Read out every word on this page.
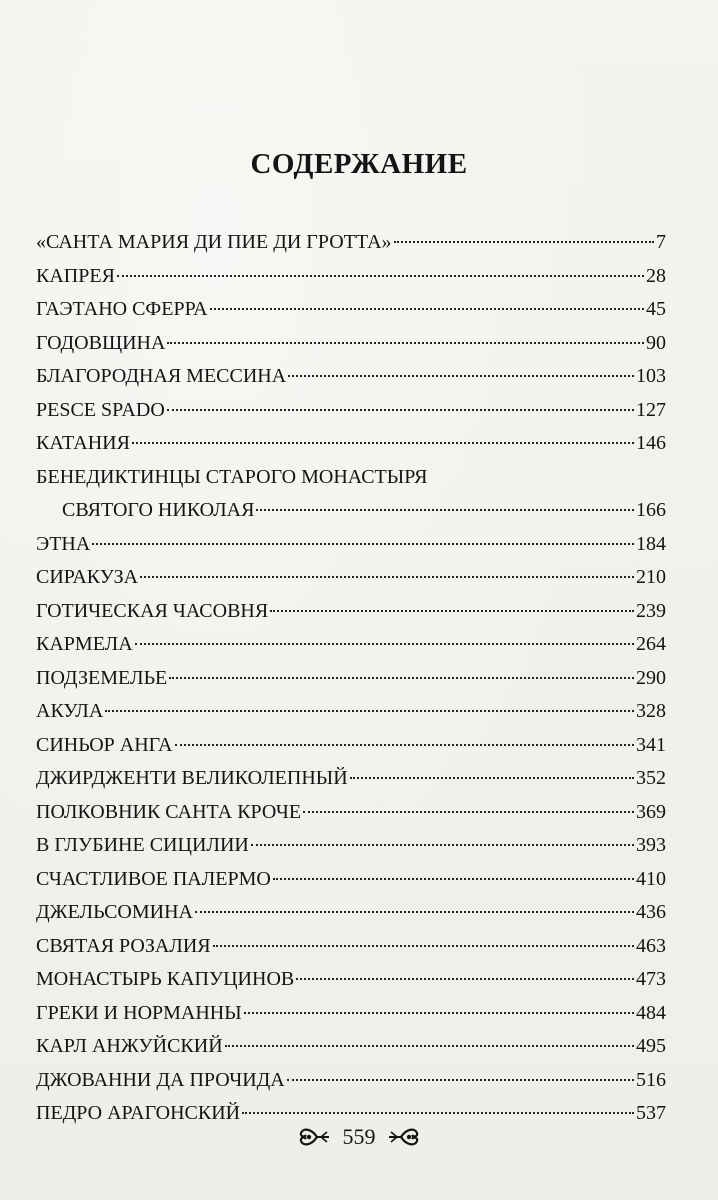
СОДЕРЖАНИЕ
«САНТА МАРИЯ ДИ ПИЕ ДИ ГРОТТА»	7
КАПРЕЯ	28
ГАЭТАНО СФЕРРА	45
ГОДОВЩИНА	90
БЛАГОРОДНАЯ МЕССИНА	103
PESCE SPADO	127
КАТАНИЯ	146
БЕНЕДИКТИНЦЫ СТАРОГО МОНАСТЫРЯ
СВЯТОГО НИКОЛАЯ	166
ЭТНА	184
СИРАКУЗА	210
ГОТИЧЕСКАЯ ЧАСОВНЯ	239
КАРМЕЛА	264
ПОДЗЕМЕЛЬЕ	290
АКУЛА	328
СИНЬОР АНГА	341
ДЖИРДЖЕНТИ ВЕЛИКОЛЕПНЫЙ	352
ПОЛКОВНИК САНТА КРОЧЕ	369
В ГЛУБИНЕ СИЦИЛИИ	393
СЧАСТЛИВОЕ ПАЛЕРМО	410
ДЖЕЛЬСОМИНА	436
СВЯТАЯ РОЗАЛИЯ	463
МОНАСТЫРЬ КАПУЦИНОВ	473
ГРЕКИ И НОРМАННЫ	484
КАРЛ АНЖУЙСКИЙ	495
ДЖОВАННИ ДА ПРОЧИДА	516
ПЕДРО АРАГОНСКИЙ	537
559
